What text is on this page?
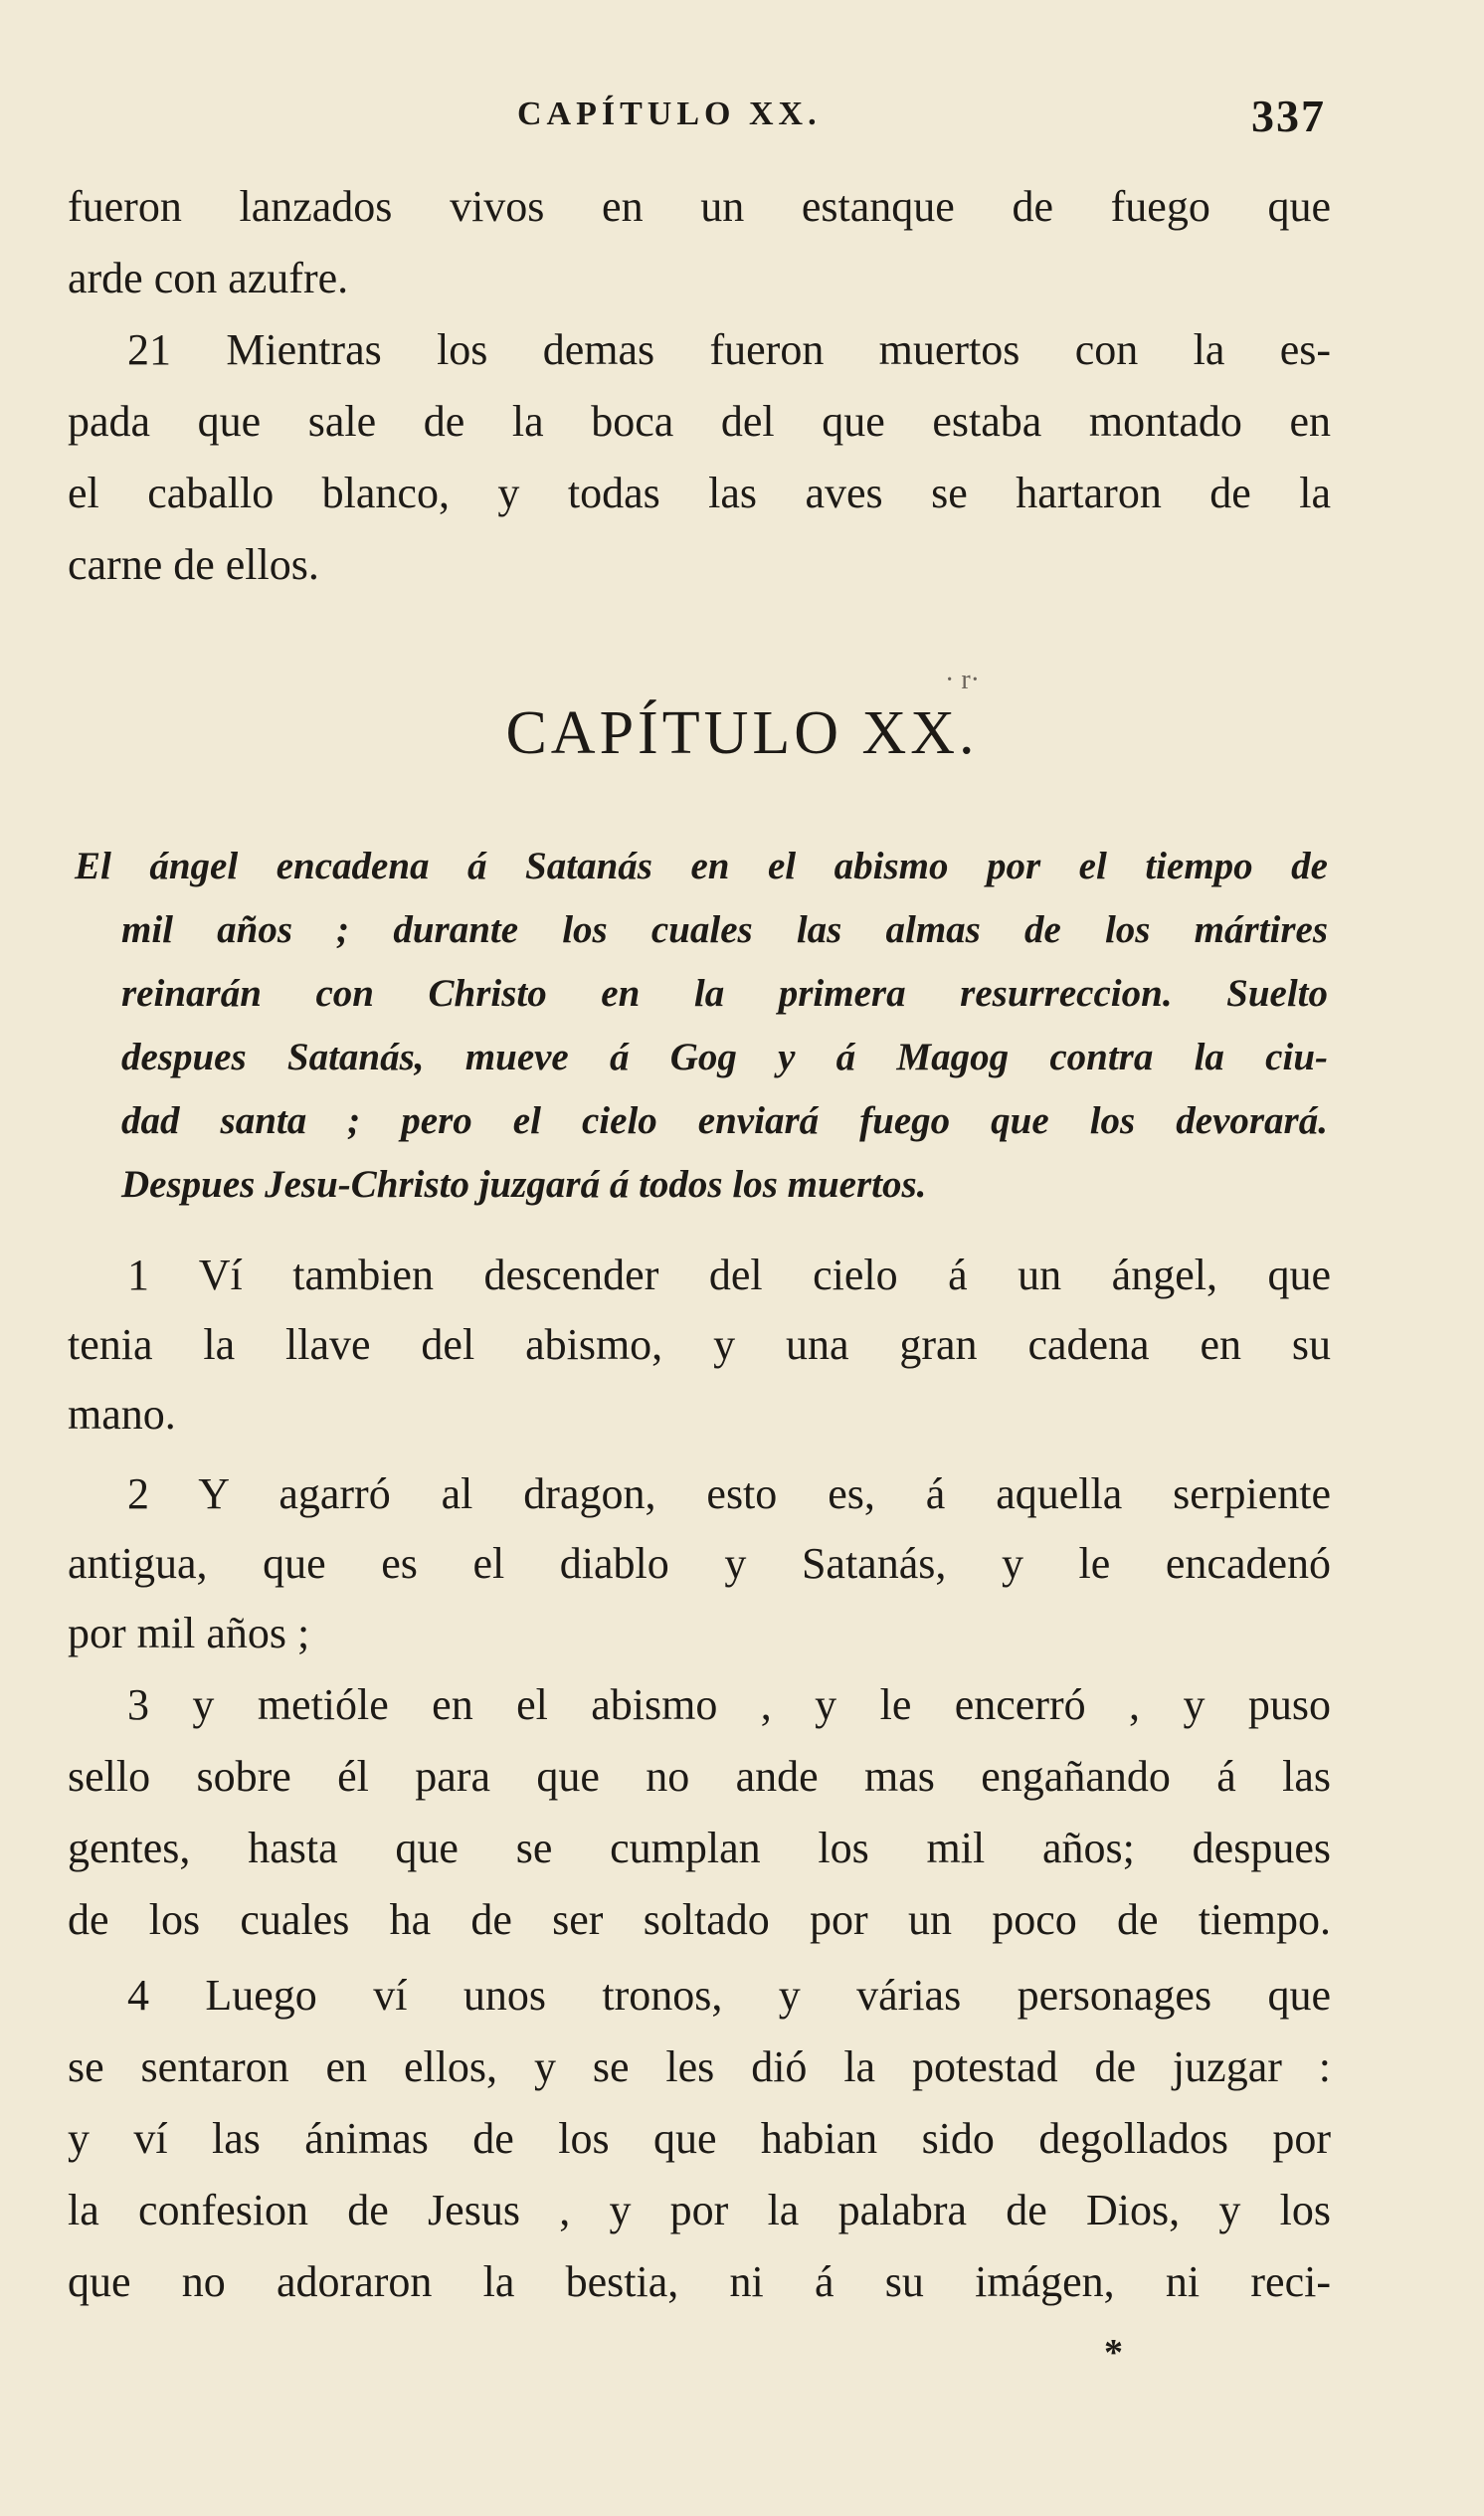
CAPÍTULO XX.	337
fueron lanzados vivos en un estanque de fuego que
arde con azufre.
21 Mientras los demas fueron muertos con la es-
pada que sale de la boca del que estaba montado en
el caballo blanco, y todas las aves se hartaron de la
carne de ellos.
· r·
CAPÍTULO XX.
El ángel encadena á Satanás en el abismo por el tiempo de
mil años ; durante los cuales las almas de los mártires
reinarán con Christo en la primera resurreccion. Suelto
despues Satanás, mueve á Gog y á Magog contra la ciu-
dad santa ; pero el cielo enviará fuego que los devorará.
Despues Jesu-Christo juzgará á todos los muertos.
1 Ví tambien descender del cielo á un ángel, que
tenia la llave del abismo, y una gran cadena en su
mano.
2 Y agarró al dragon, esto es, á aquella serpiente
antigua, que es el diablo y Satanás, y le encadenó
por mil años ;
3 y metióle en el abismo , y le encerró , y puso
sello sobre él para que no ande mas engañando á las
gentes, hasta que se cumplan los mil años; despues
de los cuales ha de ser soltado por un poco de tiempo.
4 Luego ví unos tronos, y várias personages que
se sentaron en ellos, y se les dió la potestad de juzgar :
y ví las ánimas de los que habian sido degollados por
la confesion de Jesus , y por la palabra de Dios, y los
que no adoraron la bestia, ni á su imágen, ni reci-
*
